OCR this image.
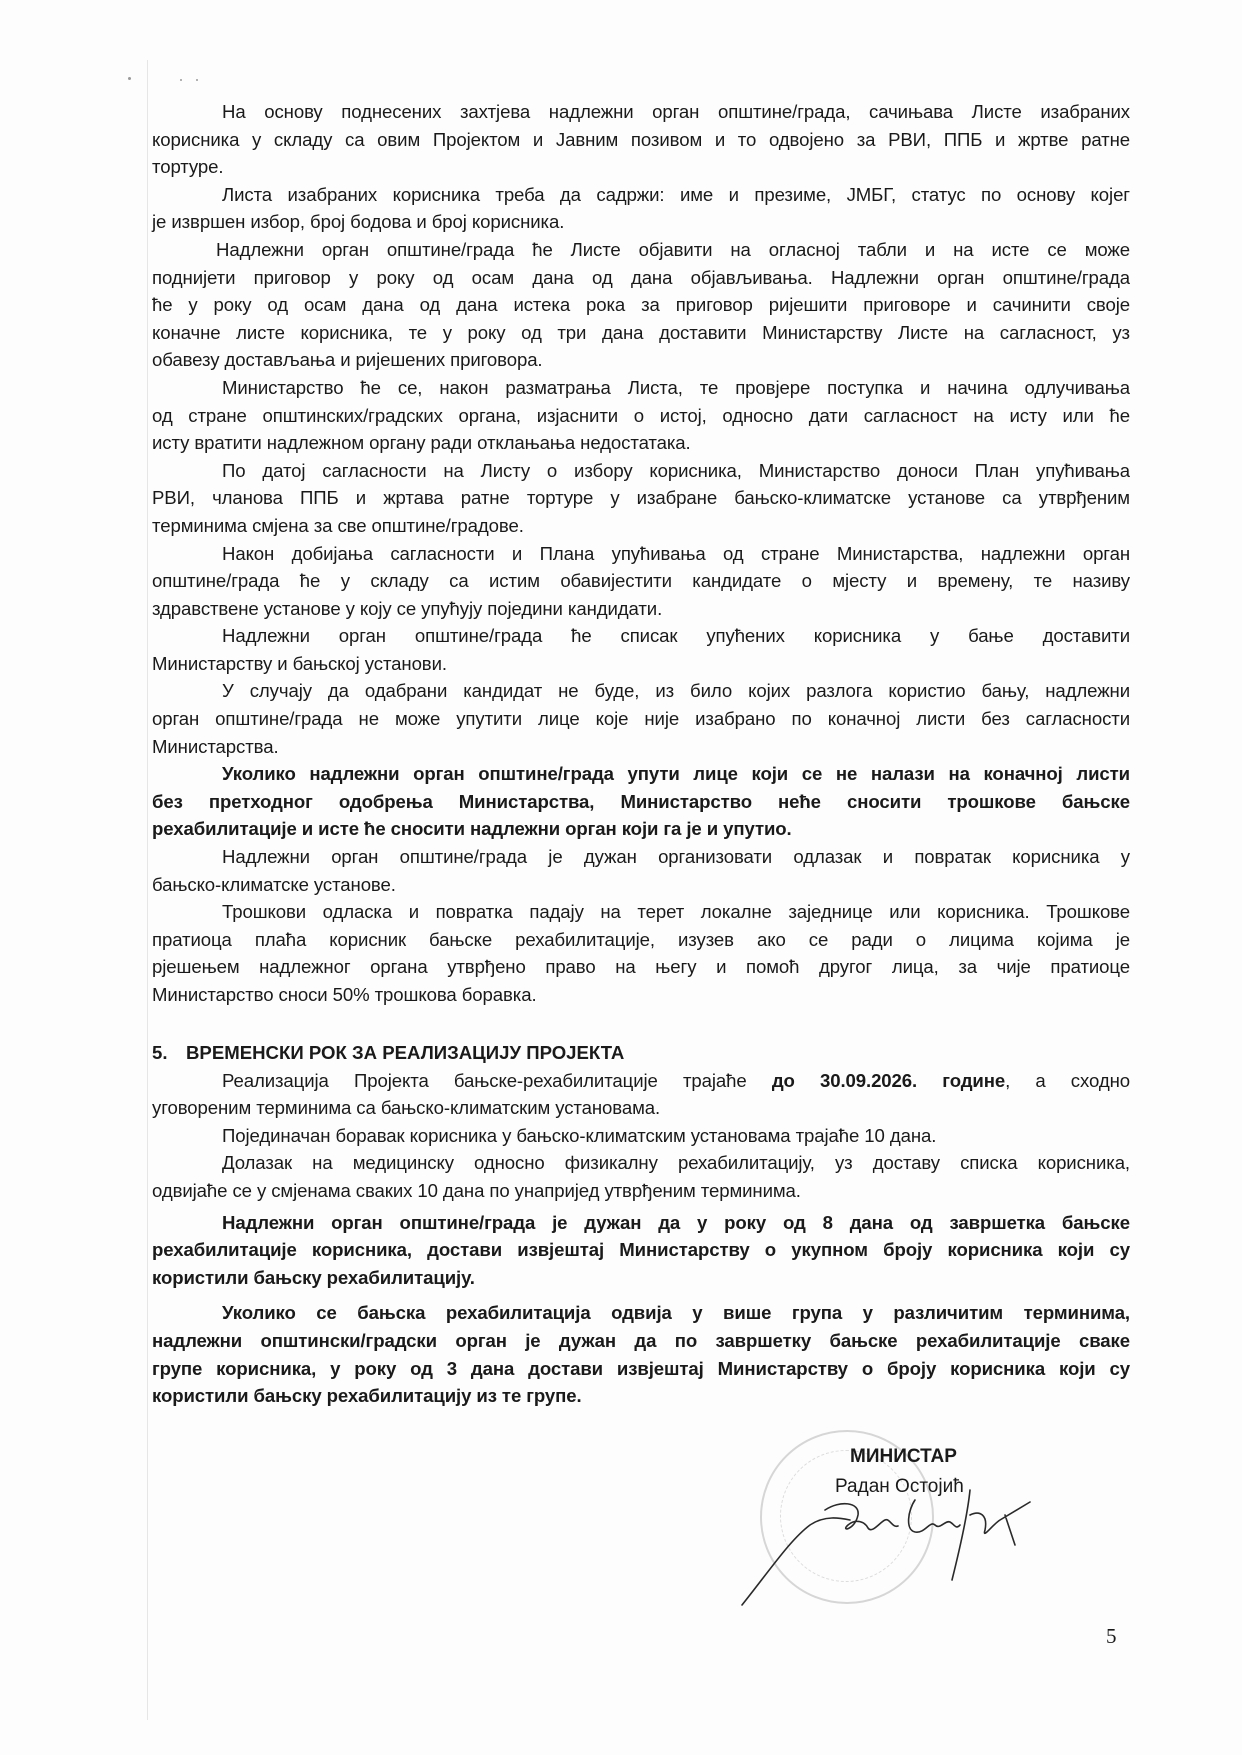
На основу поднесених захтјева надлежни орган општине/града, сачињава Листе изабраних
корисника у складу са овим Пројектом и Јавним позивом и то одвојено за РВИ, ППБ и жртве ратне
тортуре.
Листа изабраних корисника треба да садржи: име и презиме, ЈМБГ, статус по основу којег
је извршен избор, број бодова и број корисника.
Надлежни орган општине/града ће Листе објавити на огласној табли и на исте се може
поднијети приговор у року од осам дана од дана објављивања. Надлежни орган општине/града
ће у року од осам дана од дана истека рока за приговор ријешити приговоре и сачинити своје
коначне листе корисника, те у року од три дана доставити Министарству Листе на сагласност, уз
обавезу достављања и ријешених приговора.
Министарство ће се, након разматрања Листа, те провјере поступка и начина одлучивања
од стране општинских/градских органа, изјаснити о истој, односно дати сагласност на исту или ће
исту вратити надлежном органу ради отклањања недостатака.
По датој сагласности на Листу о избору корисника, Министарство доноси План упућивања
РВИ, чланова ППБ и жртава ратне тортуре у изабране бањско-климатске установе са утврђеним
терминима смјена за све општине/градове.
Након добијања сагласности и Плана упућивања од стране Министарства, надлежни орган
општине/града ће у складу са истим обавијестити кандидате о мјесту и времену, те називу
здравствене установе у коју се упућују поједини кандидати.
Надлежни орган општине/града ће списак упућених корисника у бање доставити
Министарству и бањској установи.
У случају да одабрани кандидат не буде, из било којих разлога користио бању, надлежни
орган општине/града не може упутити лице које није изабрано по коначној листи без сагласности
Министарства.
Уколико надлежни орган општине/града упути лице који се не налази на коначној листи
без претходног одобрења Министарства, Министарство неће сносити трошкове бањске
рехабилитације и исте ће сносити надлежни орган који га је и упутио.
Надлежни орган општине/града је дужан организовати одлазак и повратак корисника у
бањско-климатске установе.
Трошкови одласка и повратка падају на терет локалне заједнице или корисника. Трошкове
пратиоца плаћа корисник бањске рехабилитације, изузев ако се ради о лицима којима је
рјешењем надлежног органа утврђено право на његу и помоћ другог лица, за чије пратиоце
Министарство сноси 50% трошкова боравка.
5. ВРЕМЕНСКИ РОК ЗА РЕАЛИЗАЦИЈУ ПРОЈЕКТА
Реализација Пројекта бањске-рехабилитације трајаће до 30.09.2026. године, а сходно
уговореним терминима са бањско-климатским установама.
Појединачан боравак корисника у бањско-климатским установама трајаће 10 дана.
Долазак на медицинску односно физикалну рехабилитацију, уз доставу списка корисника,
одвијаће се у смјенама сваких 10 дана по унапријед утврђеним терминима.
Надлежни орган општине/града је дужан да у року од 8 дана од завршетка бањске
рехабилитације корисника, достави извјештај Министарству о укупном броју корисника који су
користили бањску рехабилитацију.
Уколико се бањска рехабилитација одвија у више група у различитим терминима,
надлежни општински/градски орган је дужан да по завршетку бањске рехабилитације сваке
групе корисника, у року од 3 дана достави извјештај Министарству о броју корисника који су
користили бањску рехабилитацију из те групе.
МИНИСТАР
Радан Остојић
5
